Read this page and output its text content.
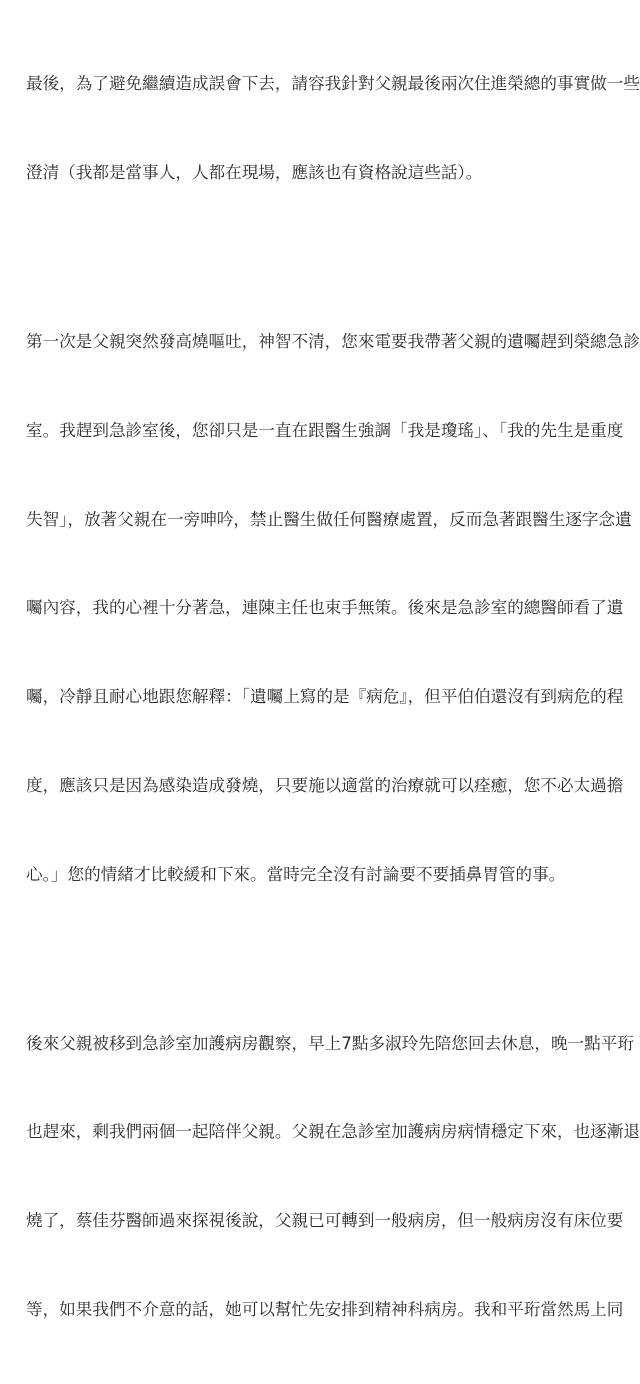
最後，為了避免繼續造成誤會下去，請容我針對父親最後兩次住進榮總的事實做一些

澄清（我都是當事人，人都在現場，應該也有資格說這些話）。

第一次是父親突然發高燒嘔吐，神智不清，您來電要我帶著父親的遺囑趕到榮總急診

室。我趕到急診室後，您卻只是一直在跟醫生強調「我是瓊瑤」、「我的先生是重度

失智」，放著父親在一旁呻吟，禁止醫生做任何醫療處置，反而急著跟醫生逐字念遺

囑內容，我的心裡十分著急，連陳主任也束手無策。後來是急診室的總醫師看了遺

囑，冷靜且耐心地跟您解釋：「遺囑上寫的是『病危』，但平伯伯還沒有到病危的程

度，應該只是因為感染造成發燒，只要施以適當的治療就可以痊癒，您不必太過擔

心。」您的情緒才比較緩和下來。當時完全沒有討論要不要插鼻胃管的事。

後來父親被移到急診室加護病房觀察，早上7點多淑玲先陪您回去休息，晚一點平珩

也趕來，剩我們兩個一起陪伴父親。父親在急診室加護病房病情穩定下來，也逐漸退

燒了，蔡佳芬醫師過來探視後說，父親已可轉到一般病房，但一般病房沒有床位要

等，如果我們不介意的話，她可以幫忙先安排到精神科病房。我和平珩當然馬上同
